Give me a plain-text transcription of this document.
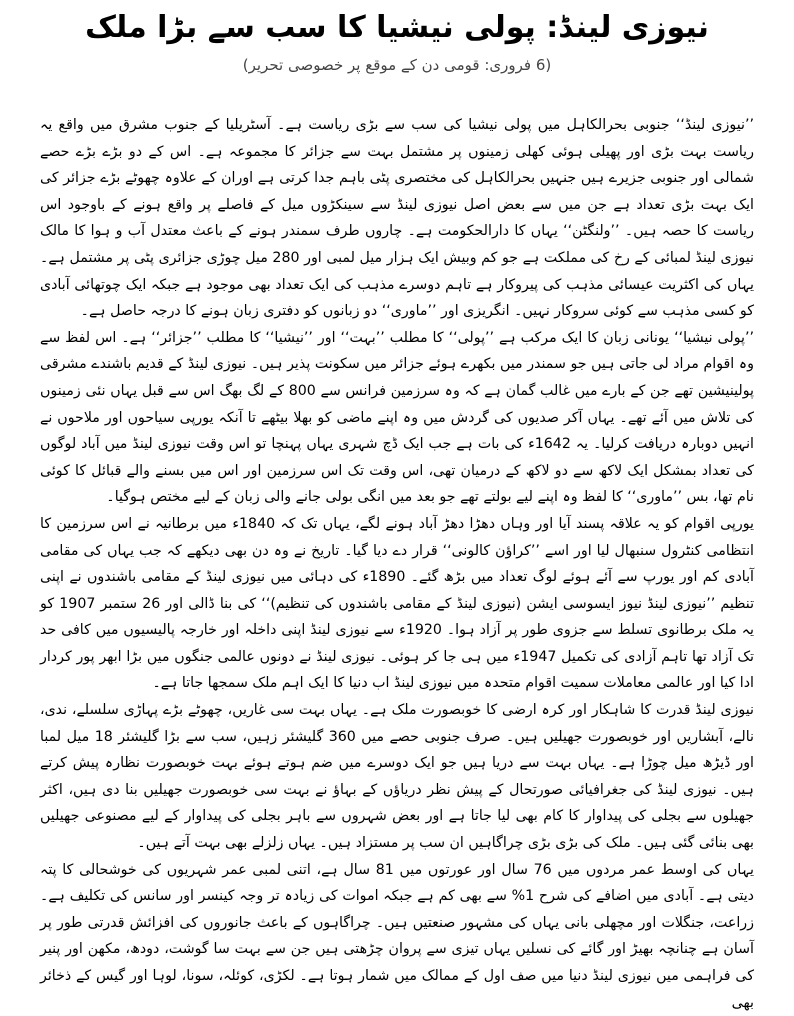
نیوزی لینڈ: پولی نیشیا کا سب سے بڑا ملک

(6 فروری: قومی دن کے موقع پر خصوصی تحریر)

’’نیوزی لینڈ‘‘ جنوبی بحرالکاہل میں پولی نیشیا کی سب سے بڑی ریاست ہے۔ آسٹریلیا کے جنوب مشرق میں واقع یہ ریاست بہت بڑی اور پھیلی ہوئی کھلی زمینوں پر مشتمل بہت سے جزائر کا مجموعہ ہے۔ اس کے دو بڑے بڑے حصے شمالی اور جنوبی جزیرے ہیں جنہیں بحرالکاہل کی مختصری پٹی باہم جدا کرتی ہے اوران کے علاوہ چھوٹے بڑے جزائر کی ایک بہت بڑی تعداد ہے جن میں سے بعض اصل نیوزی لینڈ سے سینکڑوں میل کے فاصلے پر واقع ہونے کے باوجود اس ریاست کا حصہ ہیں۔ ’’ولنگٹن‘‘ یہاں کا دارالحکومت ہے۔ چاروں طرف سمندر ہونے کے باعث معتدل آب و ہوا کا مالک نیوزی لینڈ لمبائی کے رخ کی مملکت ہے جو کم وبیش ایک ہزار میل لمبی اور 280 میل چوڑی جزائری پٹی پر مشتمل ہے۔ یہاں کی اکثریت عیسائی مذہب کی پیروکار ہے تاہم دوسرے مذہب کی ایک تعداد بھی موجود ہے جبکہ ایک چوتھائی آبادی کو کسی مذہب سے کوئی سروکار نہیں۔ انگریزی اور ’’ماوری‘‘ دو زبانوں کو دفتری زبان ہونے کا درجہ حاصل ہے۔

’’پولی نیشیا‘‘ یونانی زبان کا ایک مرکب ہے ’’پولی‘‘ کا مطلب ’’بہت‘‘ اور ’’نیشیا‘‘ کا مطلب ’’جزائر‘‘ ہے۔ اس لفظ سے وہ اقوام مراد لی جاتی ہیں جو سمندر میں بکھرے ہوئے جزائر میں سکونت پذیر ہیں۔ نیوزی لینڈ کے قدیم باشندے مشرقی پولینیشین تھے جن کے بارے میں غالب گمان ہے کہ وہ سرزمین فرانس سے 800 کے لگ بھگ اس سے قبل یہاں نئی زمینوں کی تلاش میں آئے تھے۔ یہاں آکر صدیوں کی گردش میں وہ اپنے ماضی کو بھلا بیٹھے تا آنکہ یورپی سیاحوں اور ملاحوں نے انہیں دوبارہ دریافت کرلیا۔ یہ 1642ء کی بات ہے جب ایک ڈچ شہری یہاں پہنچا تو اس وقت نیوزی لینڈ میں آباد لوگوں کی تعداد بمشکل ایک لاکھ سے دو لاکھ کے درمیان تھی، اس وقت تک اس سرزمین اور اس میں بسنے والے قبائل کا کوئی نام تھا، بس ’’ماوری‘‘ کا لفظ وہ اپنے لیے بولتے تھے جو بعد میں انگی بولی جانے والی زبان کے لیے مختص ہوگیا۔

یورپی اقوام کو یہ علاقہ پسند آیا اور وہاں دھڑا دھڑ آباد ہونے لگے، یہاں تک کہ 1840ء میں برطانیہ نے اس سرزمین کا انتظامی کنٹرول سنبھال لیا اور اسے ’’کراؤن کالونی‘‘ قرار دے دیا گیا۔ تاریخ نے وہ دن بھی دیکھے کہ جب یہاں کی مقامی آبادی کم اور یورپ سے آئے ہوئے لوگ تعداد میں بڑھ گئے۔ 1890ء کی دہائی میں نیوزی لینڈ کے مقامی باشندوں نے اپنی تنظیم ’’نیوزی لینڈ نیوز ایسوسی ایشن (نیوزی لینڈ کے مقامی باشندوں کی تنظیم)‘‘ کی بنا ڈالی اور 26 ستمبر 1907 کو یہ ملک برطانوی تسلط سے جزوی طور پر آزاد ہوا۔ 1920ء سے نیوزی لینڈ اپنی داخلہ اور خارجہ پالیسیوں میں کافی حد تک آزاد تھا تاہم آزادی کی تکمیل 1947ء میں ہی جا کر ہوئی۔ نیوزی لینڈ نے دونوں عالمی جنگوں میں بڑا ابھر پور کردار ادا کیا اور عالمی معاملات سمیت اقوام متحدہ میں نیوزی لینڈ اب دنیا کا ایک اہم ملک سمجھا جاتا ہے۔

نیوزی لینڈ قدرت کا شاہکار اور کرہ ارضی کا خوبصورت ملک ہے۔ یہاں بہت سی غاریں، چھوٹے بڑے پہاڑی سلسلے، ندی، نالے، آبشاریں اور خوبصورت جھیلیں ہیں۔ صرف جنوبی حصے میں 360 گلیشئر زہیں، سب سے بڑا گلیشئر 18 میل لمبا اور ڈیڑھ میل چوڑا ہے۔ یہاں بہت سے دریا ہیں جو ایک دوسرے میں ضم ہوتے ہوئے بہت خوبصورت نظارہ پیش کرتے ہیں۔ نیوزی لینڈ کی جغرافیائی صورتحال کے پیش نظر دریاؤں کے بہاؤ نے بہت سی خوبصورت جھیلیں بنا دی ہیں، اکثر جھیلوں سے بجلی کی پیداوار کا کام بھی لیا جاتا ہے اور بعض شہروں سے باہر بجلی کی پیداوار کے لیے مصنوعی جھیلیں بھی بنائی گئی ہیں۔ ملک کی بڑی بڑی چراگاہیں ان سب پر مستزاد ہیں۔ یہاں زلزلے بھی بہت آتے ہیں۔

یہاں کی اوسط عمر مردوں میں 76 سال اور عورتوں میں 81 سال ہے، اتنی لمبی عمر شہریوں کی خوشحالی کا پتہ دیتی ہے۔ آبادی میں اضافے کی شرح 1% سے بھی کم ہے جبکہ اموات کی زیادہ تر وجہ کینسر اور سانس کی تکلیف ہے۔ زراعت، جنگلات اور مچھلی بانی یہاں کی مشہور صنعتیں ہیں۔ چراگاہوں کے باعث جانوروں کی افزائش قدرتی طور پر آسان ہے چنانچہ بھیڑ اور گائے کی نسلیں یہاں تیزی سے پروان چڑھتی ہیں جن سے بہت سا گوشت، دودھ، مکھن اور پنیر کی فراہمی میں نیوزی لینڈ دنیا میں صف اول کے ممالک میں شمار ہوتا ہے۔ لکڑی، کوئلہ، سونا، لوہا اور گیس کے ذخائر بھی
